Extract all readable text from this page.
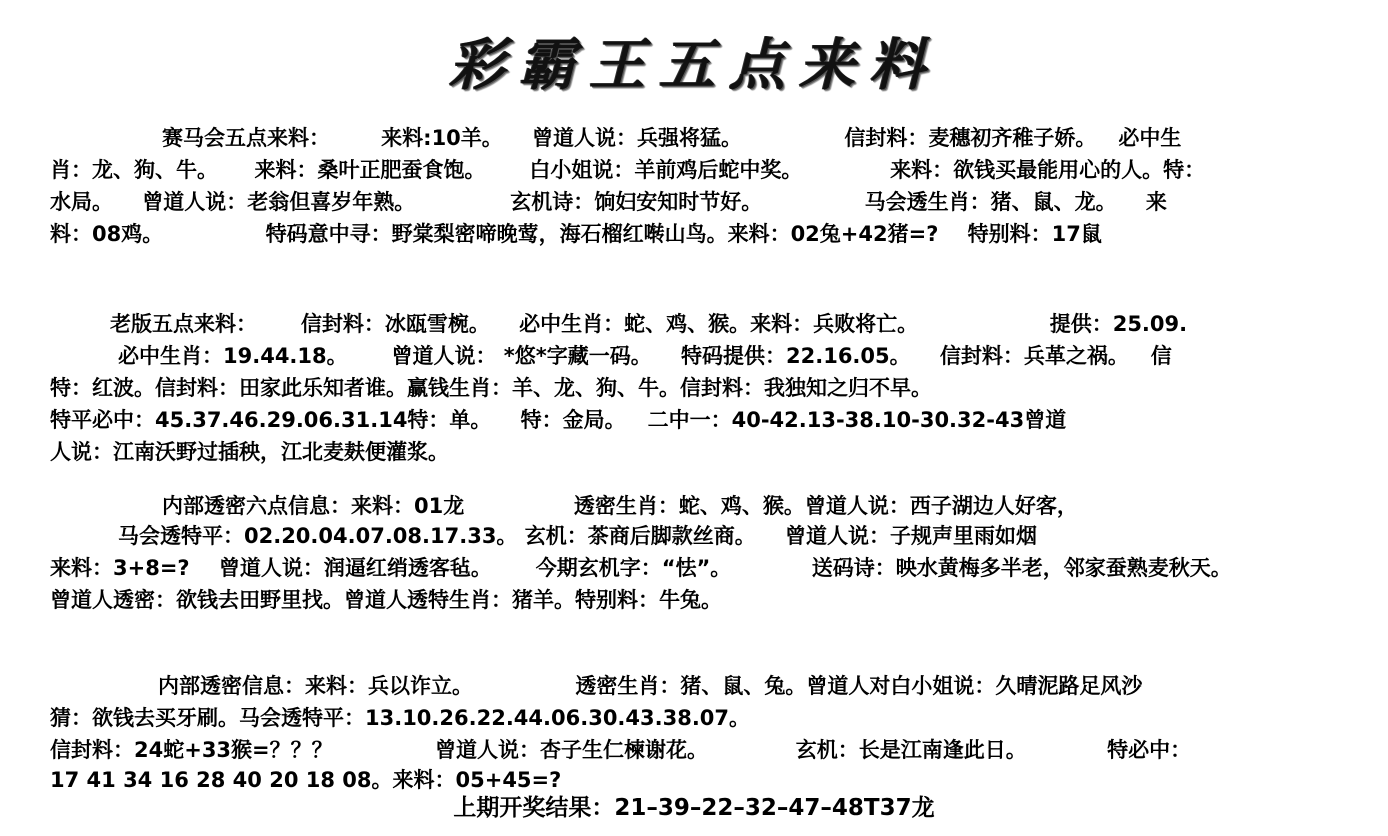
彩霸王五点来料
赛马会五点来料：       来料:10羊。    曾道人说：兵强将猛。              信封料：麦穗初齐稚子娇。   必中生
肖：龙、狗、牛。     来料：桑叶正肥蚕食饱。      白小姐说：羊前鸡后蛇中奖。            来料：欲钱买最能用心的人。特：
水局。    曾道人说：老翁但喜岁年熟。             玄机诗：饷妇安知时节好。              马会透生肖：猪、鼠、龙。    来
料：08鸡。              特码意中寻：野棠梨密啼晚莺，海石榴红啭山鸟。来料：02兔+42猪=?    特别料：17鼠
老版五点来料：      信封料：冰瓯雪椀。    必中生肖：蛇、鸡、猴。来料：兵败将亡。                  提供：25.09.
必中生肖：19.44.18。      曾道人说： *悠*字藏一码。    特码提供：22.16.05。    信封料：兵革之祸。   信
特：红波。信封料：田家此乐知者谁。赢钱生肖：羊、龙、狗、牛。信封料：我独知之归不早。
特平必中：45.37.46.29.06.31.14特：单。    特：金局。   二中一：40-42.13-38.10-30.32-43曾道
人说：江南沃野过插秧，江北麦麸便灌浆。
内部透密六点信息：来料：01龙               透密生肖：蛇、鸡、猴。曾道人说：西子湖边人好客，
马会透特平：02.20.04.07.08.17.33。 玄机：茶商后脚款丝商。    曾道人说：子规声里雨如烟
来料：3+8=?    曾道人说：润逼红绡透客毡。      今期玄机字：“怯”。           送码诗：映水黄梅多半老，邻家蚕熟麦秋天。
曾道人透密：欲钱去田野里找。曾道人透特生肖：猪羊。特别料：牛兔。
内部透密信息：来料：兵以诈立。              透密生肖：猪、鼠、兔。曾道人对白小姐说：久晴泥路足风沙
猜：欲钱去买牙刷。马会透特平：13.10.26.22.44.06.30.43.38.07。
信封料：24蛇+33猴=？？？              曾道人说：杏子生仁楝谢花。            玄机：长是江南逢此日。           特必中：
17 41 34 16 28 40 20 18 08。来料：05+45=?
上期开奖结果：21–39–22–32–47–48T37龙
